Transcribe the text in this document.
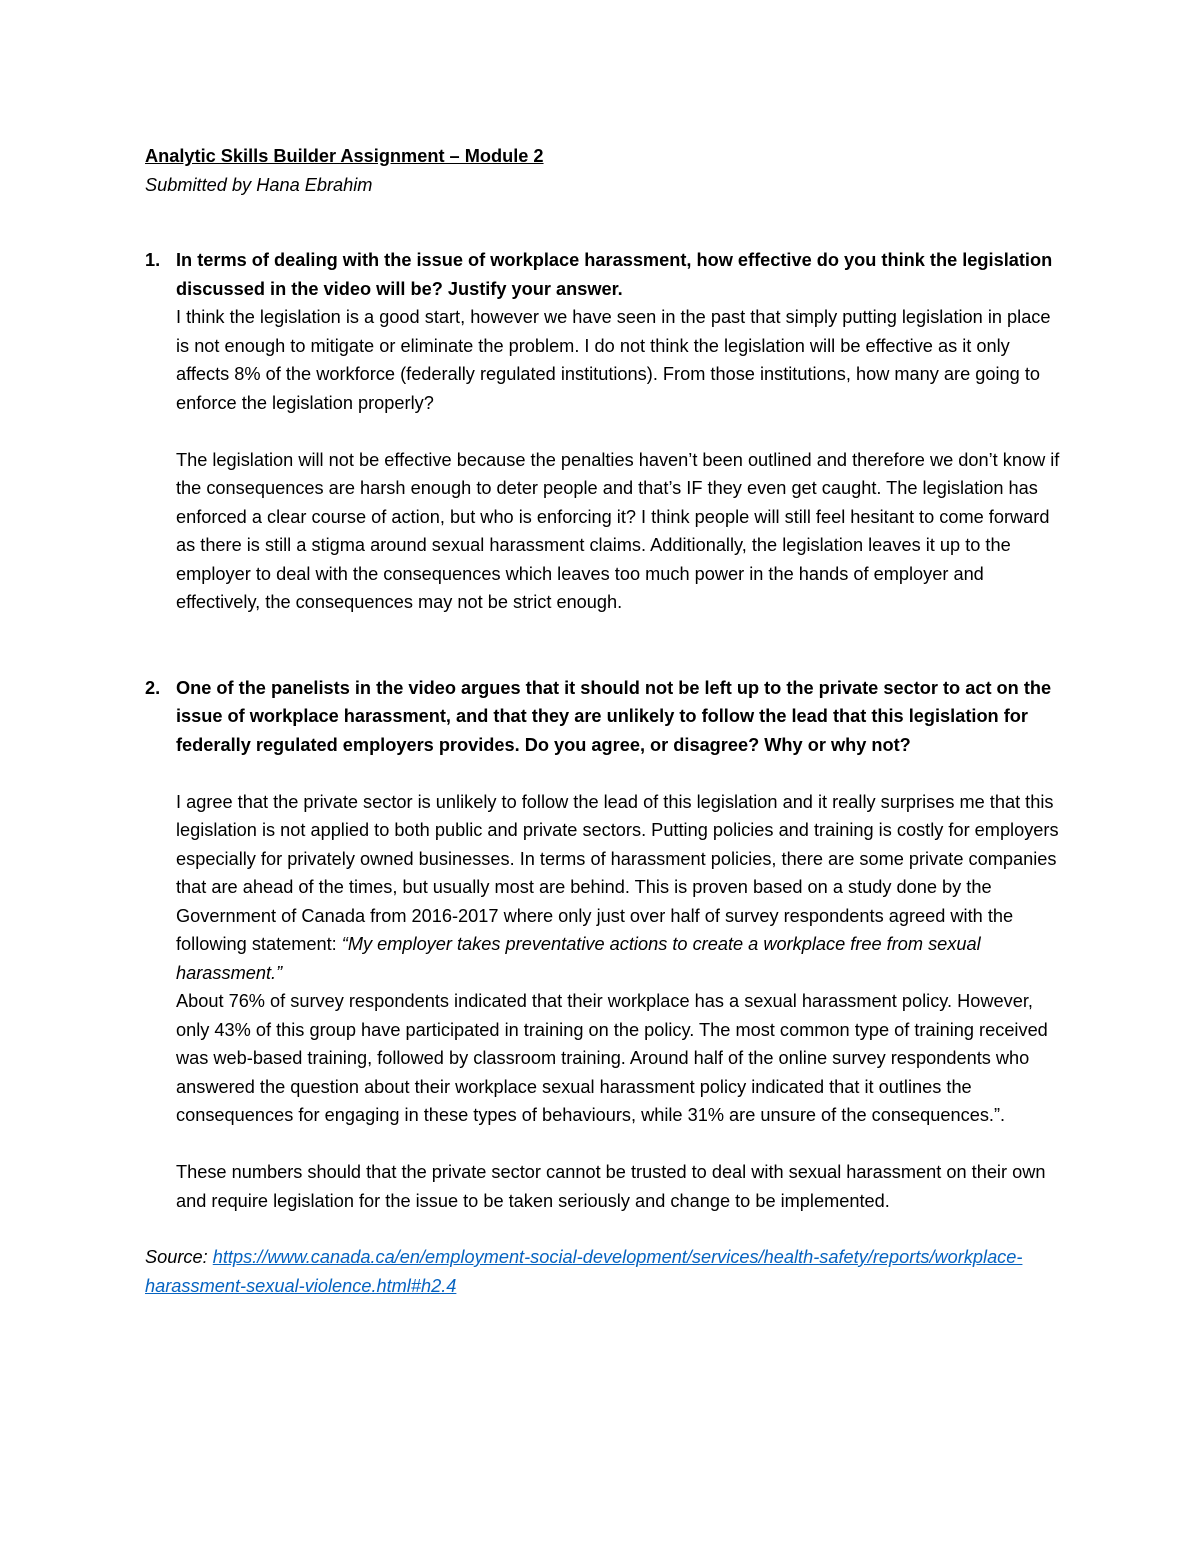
Analytic Skills Builder Assignment – Module 2

Submitted by Hana Ebrahim

1. In terms of dealing with the issue of workplace harassment, how effective do you think the legislation discussed in the video will be? Justify your answer.

I think the legislation is a good start, however we have seen in the past that simply putting legislation in place is not enough to mitigate or eliminate the problem. I do not think the legislation will be effective as it only affects 8% of the workforce (federally regulated institutions). From those institutions, how many are going to enforce the legislation properly?

The legislation will not be effective because the penalties haven’t been outlined and therefore we don’t know if the consequences are harsh enough to deter people and that’s IF they even get caught. The legislation has enforced a clear course of action, but who is enforcing it? I think people will still feel hesitant to come forward as there is still a stigma around sexual harassment claims. Additionally, the legislation leaves it up to the employer to deal with the consequences which leaves too much power in the hands of employer and effectively, the consequences may not be strict enough.

2. One of the panelists in the video argues that it should not be left up to the private sector to act on the issue of workplace harassment, and that they are unlikely to follow the lead that this legislation for federally regulated employers provides. Do you agree, or disagree? Why or why not?

I agree that the private sector is unlikely to follow the lead of this legislation and it really surprises me that this legislation is not applied to both public and private sectors. Putting policies and training is costly for employers especially for privately owned businesses. In terms of harassment policies, there are some private companies that are ahead of the times, but usually most are behind. This is proven based on a study done by the Government of Canada from 2016-2017 where only just over half of survey respondents agreed with the following statement: “My employer takes preventative actions to create a workplace free from sexual harassment.”

About 76% of survey respondents indicated that their workplace has a sexual harassment policy. However, only 43% of this group have participated in training on the policy. The most common type of training received was web-based training, followed by classroom training. Around half of the online survey respondents who answered the question about their workplace sexual harassment policy indicated that it outlines the consequences for engaging in these types of behaviours, while 31% are unsure of the consequences.”.

These numbers should that the private sector cannot be trusted to deal with sexual harassment on their own and require legislation for the issue to be taken seriously and change to be implemented.

Source: https://www.canada.ca/en/employment-social-development/services/health-safety/reports/workplace-harassment-sexual-violence.html#h2.4
